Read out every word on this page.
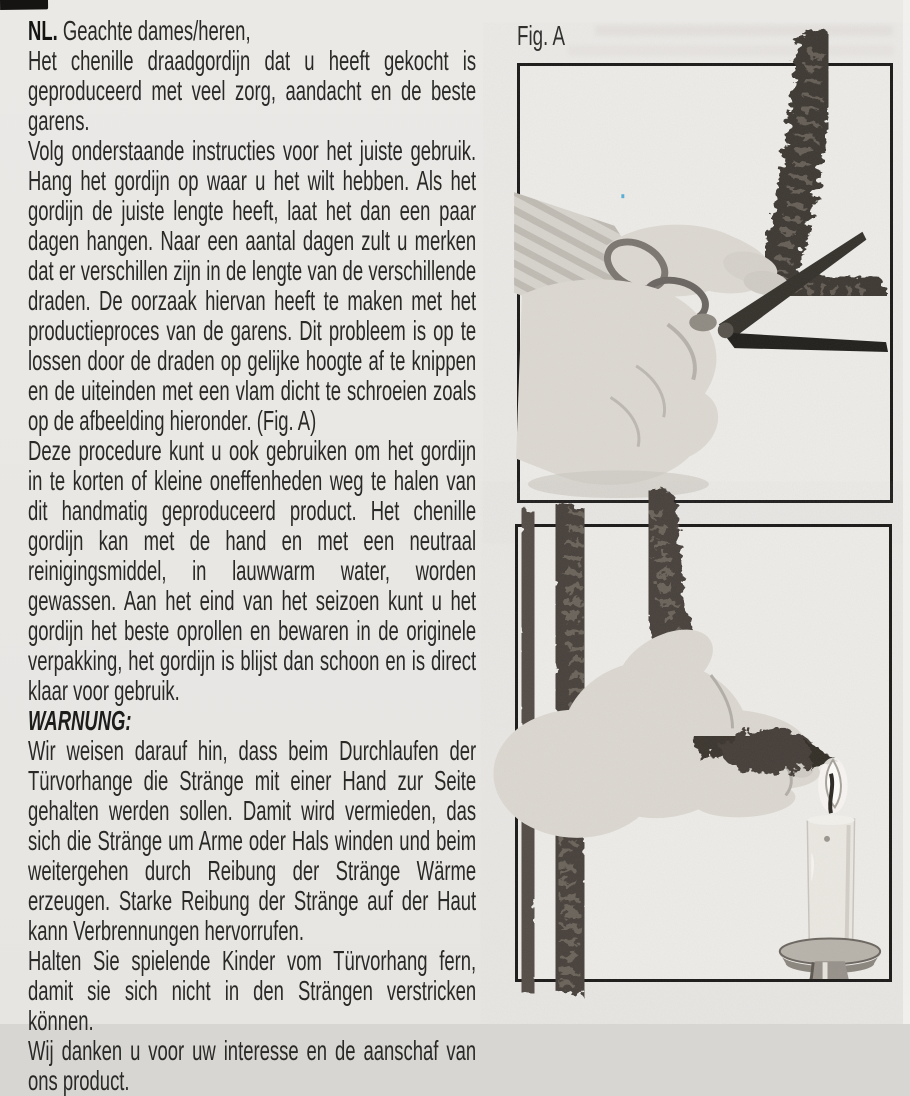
NL. Geachte dames/heren,

Het chenille draadgordijn dat u heeft gekocht is geproduceerd met veel zorg, aandacht en de beste garens.

Volg onderstaande instructies voor het juiste gebruik. Hang het gordijn op waar u het wilt hebben. Als het gordijn de juiste lengte heeft, laat het dan een paar dagen hangen. Naar een aantal dagen zult u merken dat er verschillen zijn in de lengte van de verschillende draden. De oorzaak hiervan heeft te maken met het productieproces van de garens. Dit probleem is op te lossen door de draden op gelijke hoogte af te knippen en de uiteinden met een vlam dicht te schroeien zoals op de afbeelding hieronder. (Fig. A)

Deze procedure kunt u ook gebruiken om het gordijn in te korten of kleine oneffenheden weg te halen van dit handmatig geproduceerd product. Het chenille gordijn kan met de hand en met een neutraal reinigingsmiddel, in lauwwarm water, worden gewassen. Aan het eind van het seizoen kunt u het gordijn het beste oprollen en bewaren in de originele verpakking, het gordijn is blijst dan schoon en is direct klaar voor gebruik.

WARNUNG:

Wir weisen darauf hin, dass beim Durchlaufen der Türvorhange die Stränge mit einer Hand zur Seite gehalten werden sollen. Damit wird vermieden, das sich die Stränge um Arme oder Hals winden und beim weitergehen durch Reibung der Stränge Wärme erzeugen. Starke Reibung der Stränge auf der Haut kann Verbrennungen hervorrufen.

Halten Sie spielende Kinder vom Türvorhang fern, damit sie sich nicht in den Strängen verstricken können.

Wij danken u voor uw interesse en de aanschaf van ons product.

Fig. A
